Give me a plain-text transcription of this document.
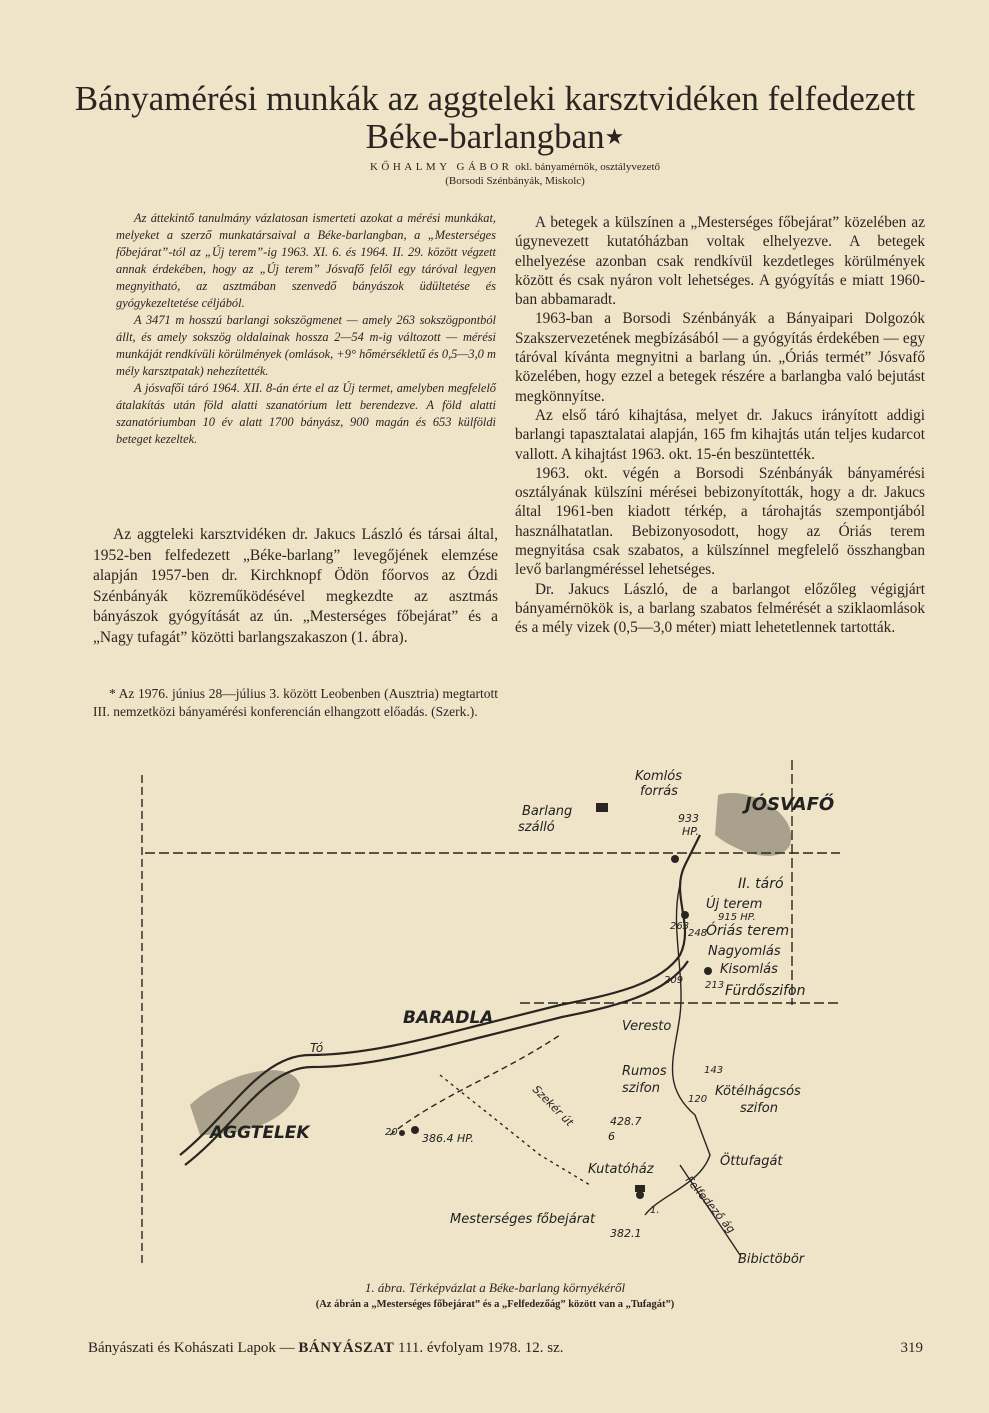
Bányamérési munkák az aggteleki karsztvidéken felfedezett
Béke-barlangban★
KŐHALMY GÁBOR okl. bányamérnök, osztályvezető
(Borsodi Szénbányák, Miskolc)

Az áttekintő tanulmány vázlatosan ismerteti azokat a mérési munkákat, melyeket a szerző munkatársaival a Béke-barlangban, a „Mesterséges főbejárat”-tól az „Új terem”-ig 1963. XI. 6. és 1964. II. 29. között végzett annak érdekében, hogy az „Új terem” Jósvafő felől egy táróval legyen megnyitható, az asztmában szenvedő bányászok üdültetése és gyógykezeltetése céljából.

A 3471 m hosszú barlangi sokszögmenet — amely 263 sokszögpontból állt, és amely sokszög oldalainak hossza 2—54 m-ig változott — mérési munkáját rendkívüli körülmények (omlások, +9° hőmérsékletű és 0,5—3,0 m mély karsztpatak) nehezítették.

A jósvafői táró 1964. XII. 8-án érte el az Új termet, amelyben megfelelő átalakítás után föld alatti szanatórium lett berendezve. A föld alatti szanatóriumban 10 év alatt 1700 bányász, 900 magán és 653 külföldi beteget kezeltek.

Az aggteleki karsztvidéken dr. Jakucs László és társai által, 1952-ben felfedezett „Béke-barlang” levegőjének elemzése alapján 1957-ben dr. Kirchknopf Ödön főorvos az Ózdi Szénbányák közreműködésével megkezdte az asztmás bányászok gyógyítását az ún. „Mesterséges főbejárat” és a „Nagy tufagát” közötti barlangszakaszon (1. ábra).

* Az 1976. június 28—július 3. között Leobenben (Ausztria) megtartott III. nemzetközi bányamérési konferencián elhangzott előadás. (Szerk.).

A betegek a külszínen a „Mesterséges főbejárat” közelében az úgynevezett kutatóházban voltak elhelyezve. A betegek elhelyezése azonban csak rendkívül kezdetleges körülmények között és csak nyáron volt lehetséges. A gyógyítás e miatt 1960-ban abbamaradt.

1963-ban a Borsodi Szénbányák a Bányaipari Dolgozók Szakszervezetének megbízásából — a gyógyítás érdekében — egy táróval kívánta megnyitni a barlang ún. „Óriás termét” Jósvafő közelében, hogy ezzel a betegek részére a barlangba való bejutást megkönnyítse.

Az első táró kihajtása, melyet dr. Jakucs irányított addigi barlangi tapasztalatai alapján, 165 fm kihajtás után teljes kudarcot vallott. A kihajtást 1963. okt. 15-én beszüntették.

1963. okt. végén a Borsodi Szénbányák bányamérési osztályának külszíni mérései bebizonyították, hogy a dr. Jakucs által 1961-ben kiadott térkép, a tárohajtás szempontjából használhatatlan. Bebizonyosodott, hogy az Óriás terem megnyitása csak szabatos, a külszínnel megfelelő összhangban levő barlangméréssel lehetséges.

Dr. Jakucs László, de a barlangot előzőleg végigjárt bányamérnökök is, a barlang szabatos felmérését a sziklaomlások és a mély vizek (0,5—3,0 méter) miatt lehetetlennek tartották.

Komlós
forrás
JÓSVAFŐ
Barlang
szálló
933
HP.
II. táró
Új terem
915 HP.
263
248
Óriás terem
Nagyomlás
Kisomlás
209 213 Fürdőszifon
BARADLA	Veresto
Tó
Rumos
szifon
143
Kötélhágcsós
120
szifon
Szekér út
AGGTELEK	20 386.4 HP.
428.7
6
Kutatóház
Öttufagát
Felfedező ág
Mesterséges főbejárat
1.
382.1
Bibictöbör
1. ábra. Térképvázlat a Béke-barlang környékéről
(Az ábrán a „Mesterséges főbejárat” és a „Felfedezőág” között van a „Tufagát”)
Bányászati és Kohászati Lapok — BÁNYÁSZAT 111. évfolyam 1978. 12. sz.	319
